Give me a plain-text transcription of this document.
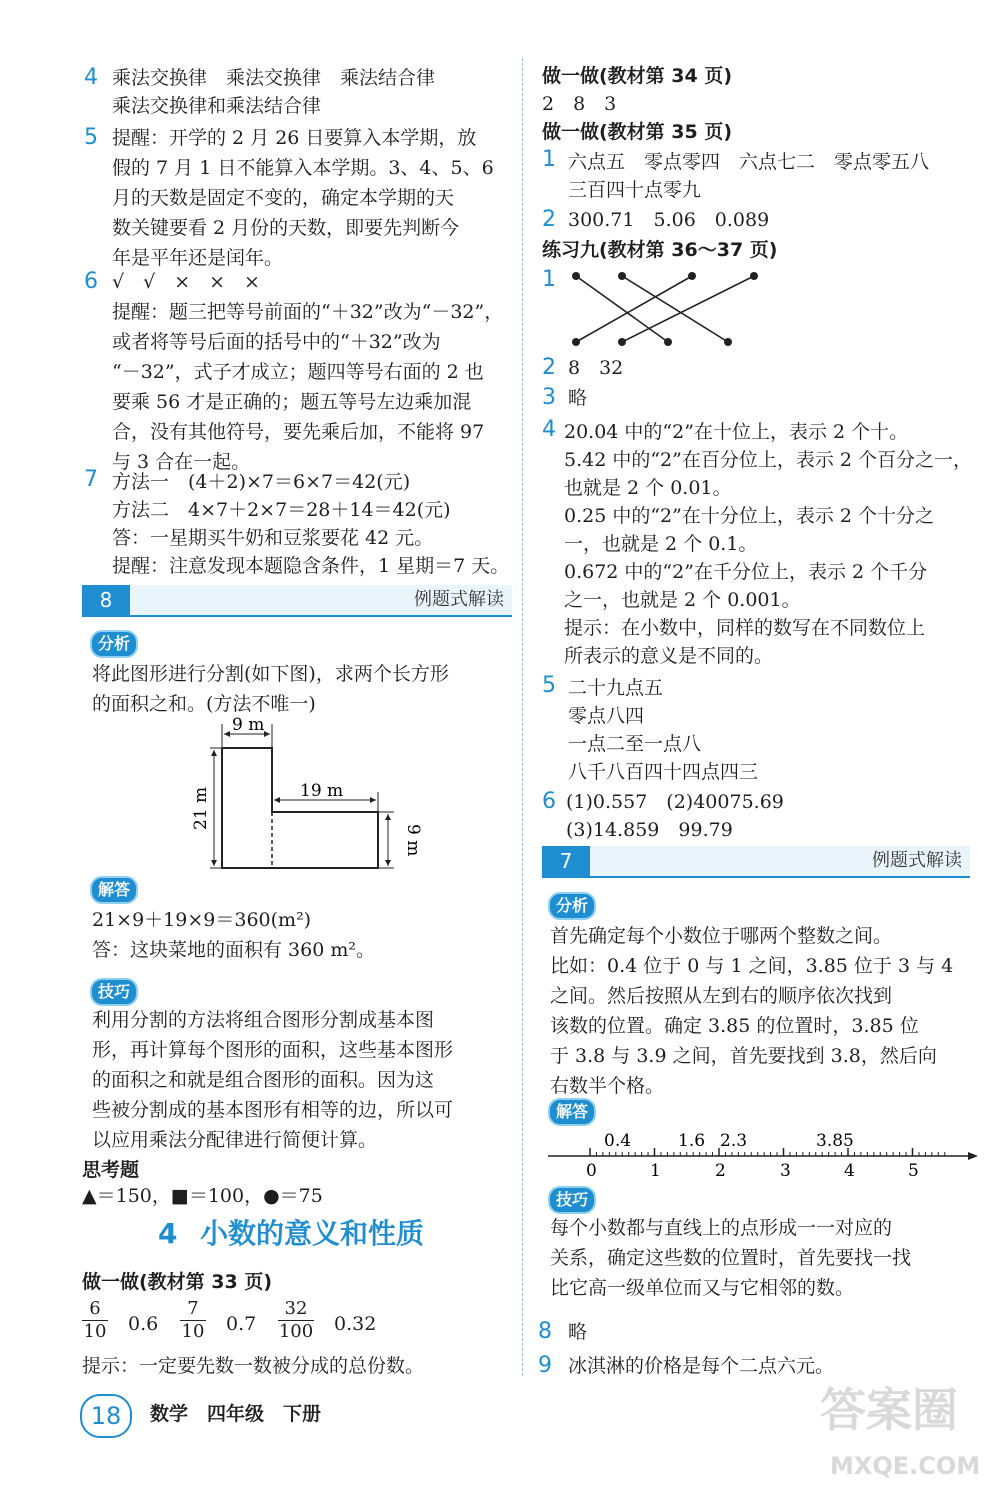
4 乘法交换律　乘法交换律　乘法结合律
乘法交换律和乘法结合律
5 提醒：开学的 2 月 26 日要算入本学期，放
假的 7 月 1 日不能算入本学期。3、4、5、6
月的天数是固定不变的，确定本学期的天
数关键要看 2 月份的天数，即要先判断今
年是平年还是闰年。
6 √　√　×　×　×
提醒：题三把等号前面的“＋32”改为“－32”，
或者将等号后面的括号中的“＋32”改为
“－32”，式子才成立；题四等号右面的 2 也
要乘 56 才是正确的；题五等号左边乘加混
合，没有其他符号，要先乘后加，不能将 97
与 3 合在一起。
7 方法一　(4＋2)×7＝6×7＝42(元)
方法二　4×7＋2×7＝28＋14＝42(元)
答：一星期买牛奶和豆浆要花 42 元。
提醒：注意发现本题隐含条件，1 星期＝7 天。
8	例题式解读
分析
将此图形进行分割(如下图)，求两个长方形
的面积之和。(方法不唯一)
9 m
19 m
21 m
9 m
解答
21×9＋19×9＝360(m²)
答：这块菜地的面积有 360 m²。
技巧
利用分割的方法将组合图形分割成基本图
形，再计算每个图形的面积，这些基本图形
的面积之和就是组合图形的面积。因为这
些被分割成的基本图形有相等的边，所以可
以应用乘法分配律进行简便计算。
思考题
▲＝150，■＝100，●＝75
4 小数的意义和性质
做一做(教材第 33 页)
$\frac{6}{10} 0.6 \frac{7}{10} 0.7 \frac{32}{100} 0.32$
提示：一定要先数一数被分成的总份数。
做一做(教材第 34 页)
2　8　3
做一做(教材第 35 页)
1 六点五　零点零四　六点七二　零点零五八
三百四十点零九
2 300.71　5.06　0.089
练习九(教材第 36～37 页)
1
2 8　32
3 略
4 20.04 中的“2”在十位上，表示 2 个十。
5.42 中的“2”在百分位上，表示 2 个百分之一，
也就是 2 个 0.01。
0.25 中的“2”在十分位上，表示 2 个十分之
一，也就是 2 个 0.1。
0.672 中的“2”在千分位上，表示 2 个千分
之一，也就是 2 个 0.001。
提示：在小数中，同样的数写在不同数位上
所表示的意义是不同的。
5 二十九点五
零点八四
一点二至一点八
八千八百四十四点四三
6 (1)0.557　(2)40075.69
(3)14.859　99.79
7	例题式解读
分析
首先确定每个小数位于哪两个整数之间。
比如：0.4 位于 0 与 1 之间，3.85 位于 3 与 4
之间。然后按照从左到右的顺序依次找到
该数的位置。确定 3.85 的位置时，3.85 位
于 3.8 与 3.9 之间，首先要找到 3.8，然后向
右数半个格。
解答
0.4	1.6 2.3	3.85
0	1	2	3	4	5
技巧
每个小数都与直线上的点形成一一对应的
关系，确定这些数的位置时，首先要找一找
比它高一级单位而又与它相邻的数。
8 略
9 冰淇淋的价格是每个二点六元。
18	数学　四年级　下册	答案圈
MXQE.COM
